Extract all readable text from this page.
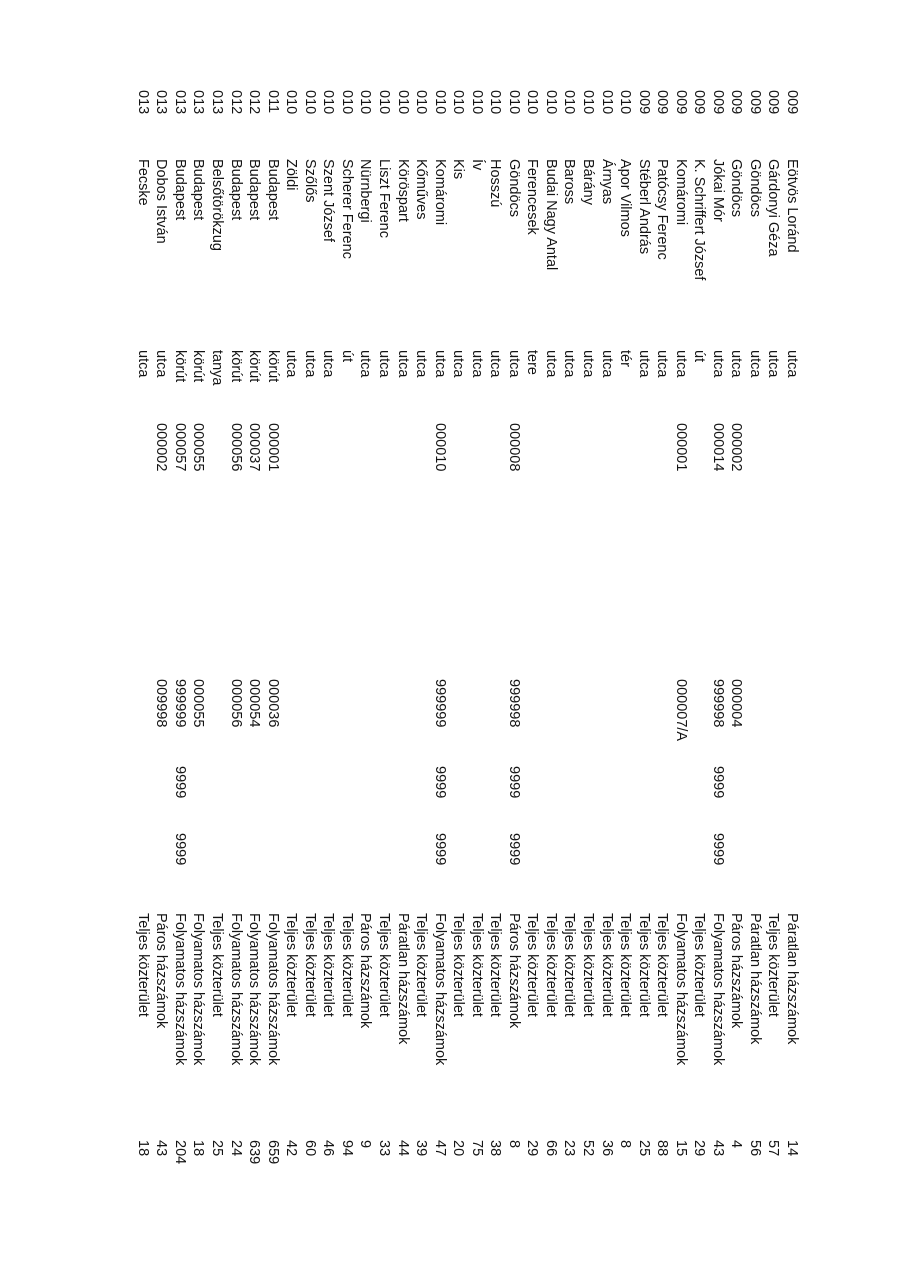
009
Eötvös Loránd
utca
Páratlan házszámok
14
009
Gárdonyi Géza
utca
Teljes közterület
57
009
Göndöcs
utca
Páratlan házszámok
56
009
Göndöcs
utca
000002
000004
Páros házszámok
4
009
Jókai Mór
utca
000014
999998
9999
9999
Folyamatos házszámok
43
009
K. Schriffert József
út
Teljes közterület
29
009
Komáromi
utca
000001
000007/A
Folyamatos házszámok
15
009
Patócsy Ferenc
utca
Teljes közterület
88
009
Stéberl András
utca
Teljes közterület
25
010
Apor Vilmos
tér
Teljes közterület
8
010
Árnyas
utca
Teljes közterület
36
010
Bárány
utca
Teljes közterület
52
010
Baross
utca
Teljes közterület
23
010
Budai Nagy Antal
utca
Teljes közterület
66
010
Ferencesek
tere
Teljes közterület
29
010
Göndöcs
utca
000008
999998
9999
9999
Páros házszámok
8
010
Hosszú
utca
Teljes közterület
38
010
Ív
utca
Teljes közterület
75
010
Kis
utca
Teljes közterület
20
010
Komáromi
utca
000010
999999
9999
9999
Folyamatos házszámok
47
010
Kőműves
utca
Teljes közterület
39
010
Köröspart
utca
Páratlan házszámok
44
010
Liszt Ferenc
utca
Teljes közterület
33
010
Nürnbergi
utca
Páros házszámok
9
010
Scherer Ferenc
út
Teljes közterület
94
010
Szent József
utca
Teljes közterület
46
010
Szőlős
utca
Teljes közterület
60
010
Zöldi
utca
Teljes közterület
42
011
Budapest
körút
000001
000036
Folyamatos házszámok
659
012
Budapest
körút
000037
000054
Folyamatos házszámok
639
012
Budapest
körút
000056
000056
Folyamatos házszámok
24
013
Belsőtörökzug
tanya
Teljes közterület
25
013
Budapest
körút
000055
000055
Folyamatos házszámok
18
013
Budapest
körút
000057
999999
9999
9999
Folyamatos házszámok
204
013
Dobos István
utca
000002
009998
Páros házszámok
43
013
Fecske
utca
Teljes közterület
18
